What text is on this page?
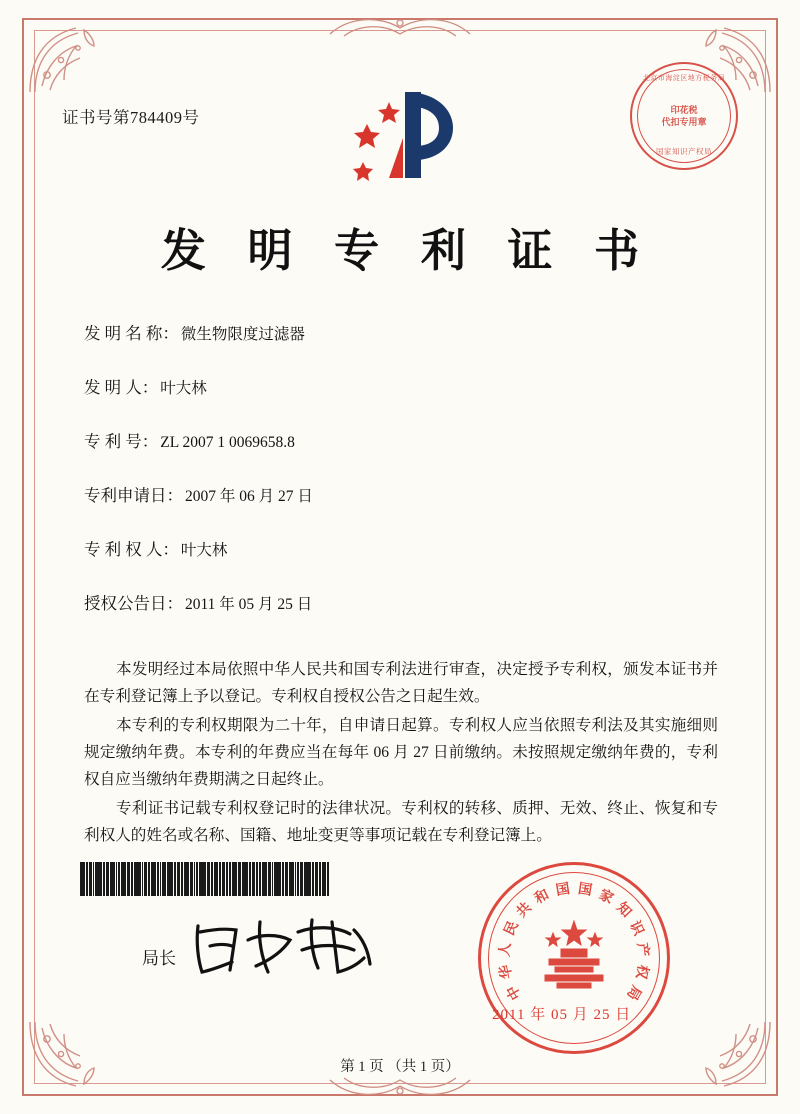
证书号第784409号
北京市海淀区地方税务局
印花税
代扣专用章
国家知识产权局
发 明 专 利 证 书
发 明 名 称： 微生物限度过滤器
发 明 人： 叶大林
专 利 号： ZL 2007 1 0069658.8
专利申请日： 2007 年 06 月 27 日
专 利 权 人： 叶大林
授权公告日： 2011 年 05 月 25 日

本发明经过本局依照中华人民共和国专利法进行审查，决定授予专利权，颁发本证书并在专利登记簿上予以登记。专利权自授权公告之日起生效。

本专利的专利权期限为二十年，自申请日起算。专利权人应当依照专利法及其实施细则规定缴纳年费。本专利的年费应当在每年 06 月 27 日前缴纳。未按照规定缴纳年费的，专利权自应当缴纳年费期满之日起终止。

专利证书记载专利权登记时的法律状况。专利权的转移、质押、无效、终止、恢复和专利权人的姓名或名称、国籍、地址变更等事项记载在专利登记簿上。

中
华
人
民
共
和 国 国 家
知
识
产
权
局
局长
2011 年 05 月 25 日
第 1 页 （共 1 页）
